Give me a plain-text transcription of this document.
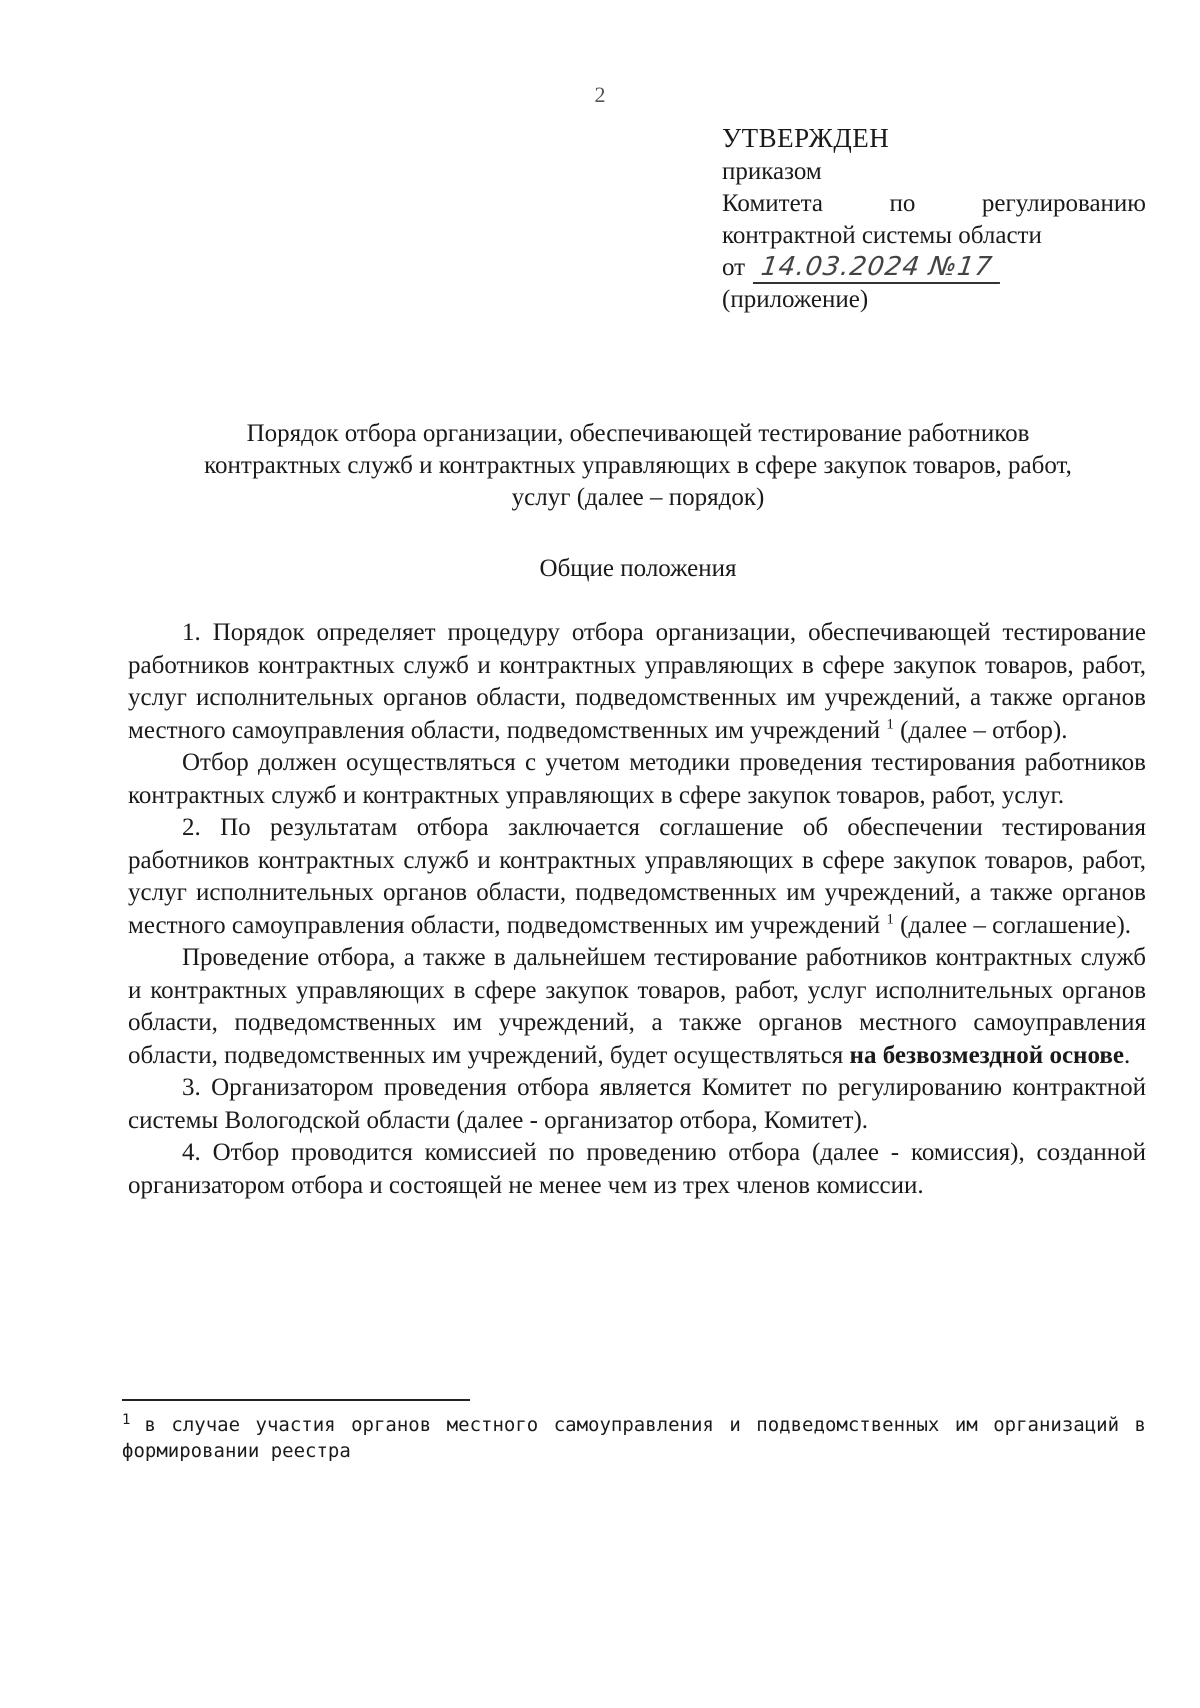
2
УТВЕРЖДЕН
приказом
Комитета	по	регулированию
контрактной системы области
от 14.03.2024 №17
(приложение)
Порядок отбора организации, обеспечивающей тестирование работников
контрактных служб и контрактных управляющих в сфере закупок товаров, работ,
услуг (далее – порядок)
Общие положения

1. Порядок определяет процедуру отбора организации, обеспечивающей тестирование работников контрактных служб и контрактных управляющих в сфере закупок товаров, работ, услуг исполнительных органов области, подведомственных им учреждений, а также органов местного самоуправления области, подведомственных им учреждений $^1$ (далее – отбор).

Отбор должен осуществляться с учетом методики проведения тестирования работников контрактных служб и контрактных управляющих в сфере закупок товаров, работ, услуг.

2. По результатам отбора заключается соглашение об обеспечении тестирования работников контрактных служб и контрактных управляющих в сфере закупок товаров, работ, услуг исполнительных органов области, подведомственных им учреждений, а также органов местного самоуправления области, подведомственных им учреждений $^1$ (далее – соглашение).

Проведение отбора, а также в дальнейшем тестирование работников контрактных служб и контрактных управляющих в сфере закупок товаров, работ, услуг исполнительных органов области, подведомственных им учреждений, а также органов местного самоуправления области, подведомственных им учреждений, будет осуществляться на безвозмездной основе.

3. Организатором проведения отбора является Комитет по регулированию контрактной системы Вологодской области (далее - организатор отбора, Комитет).

4. Отбор проводится комиссией по проведению отбора (далее - комиссия), созданной организатором отбора и состоящей не менее чем из трех членов комиссии.

$^1$ в случае участия органов местного самоуправления и подведомственных им организаций в формировании реестра
